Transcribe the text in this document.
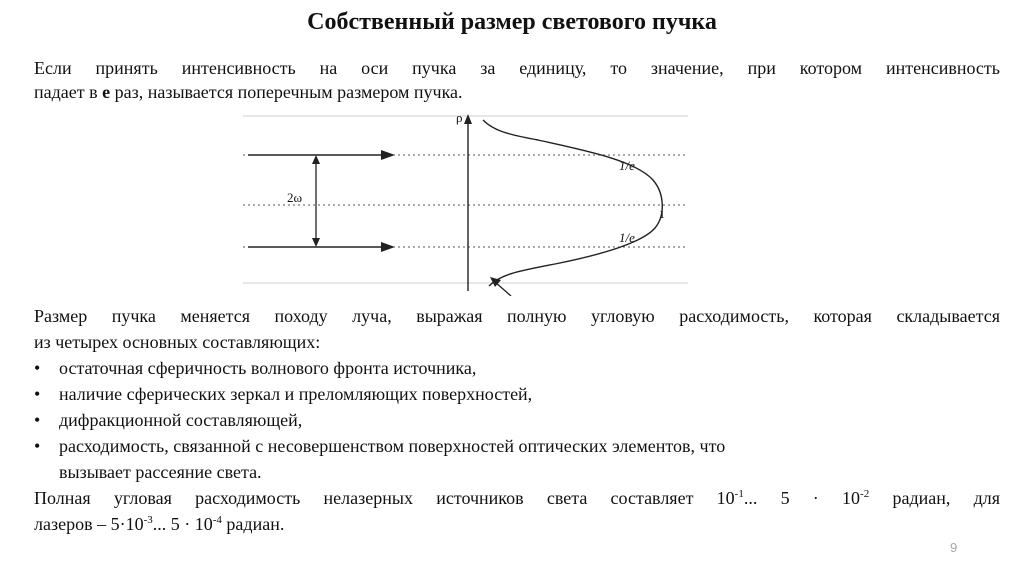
Собственный размер светового пучка
Если принять интенсивность на оси пучка за единицу, то значение, при котором интенсивность
падает в e раз, называется поперечным размером пучка.
2ω
ρ
1/e
1
1/e
Размер пучка меняется походу луча, выражая полную угловую расходимость, которая складывается
из четырех основных составляющих:
• остаточная сферичность волнового фронта источника,
• наличие сферических зеркал и преломляющих поверхностей,
• дифракционной составляющей,
• расходимость, связанной с несовершенством поверхностей оптических элементов, что
вызывает рассеяние света.
Полная угловая расходимость нелазерных источников света составляет $10^{-1}$... $5 \cdot 10^{-2}$ радиан, для
лазеров – $5\cdot 10^{-3}$... $5 \cdot 10^{-4}$ радиан.
9
